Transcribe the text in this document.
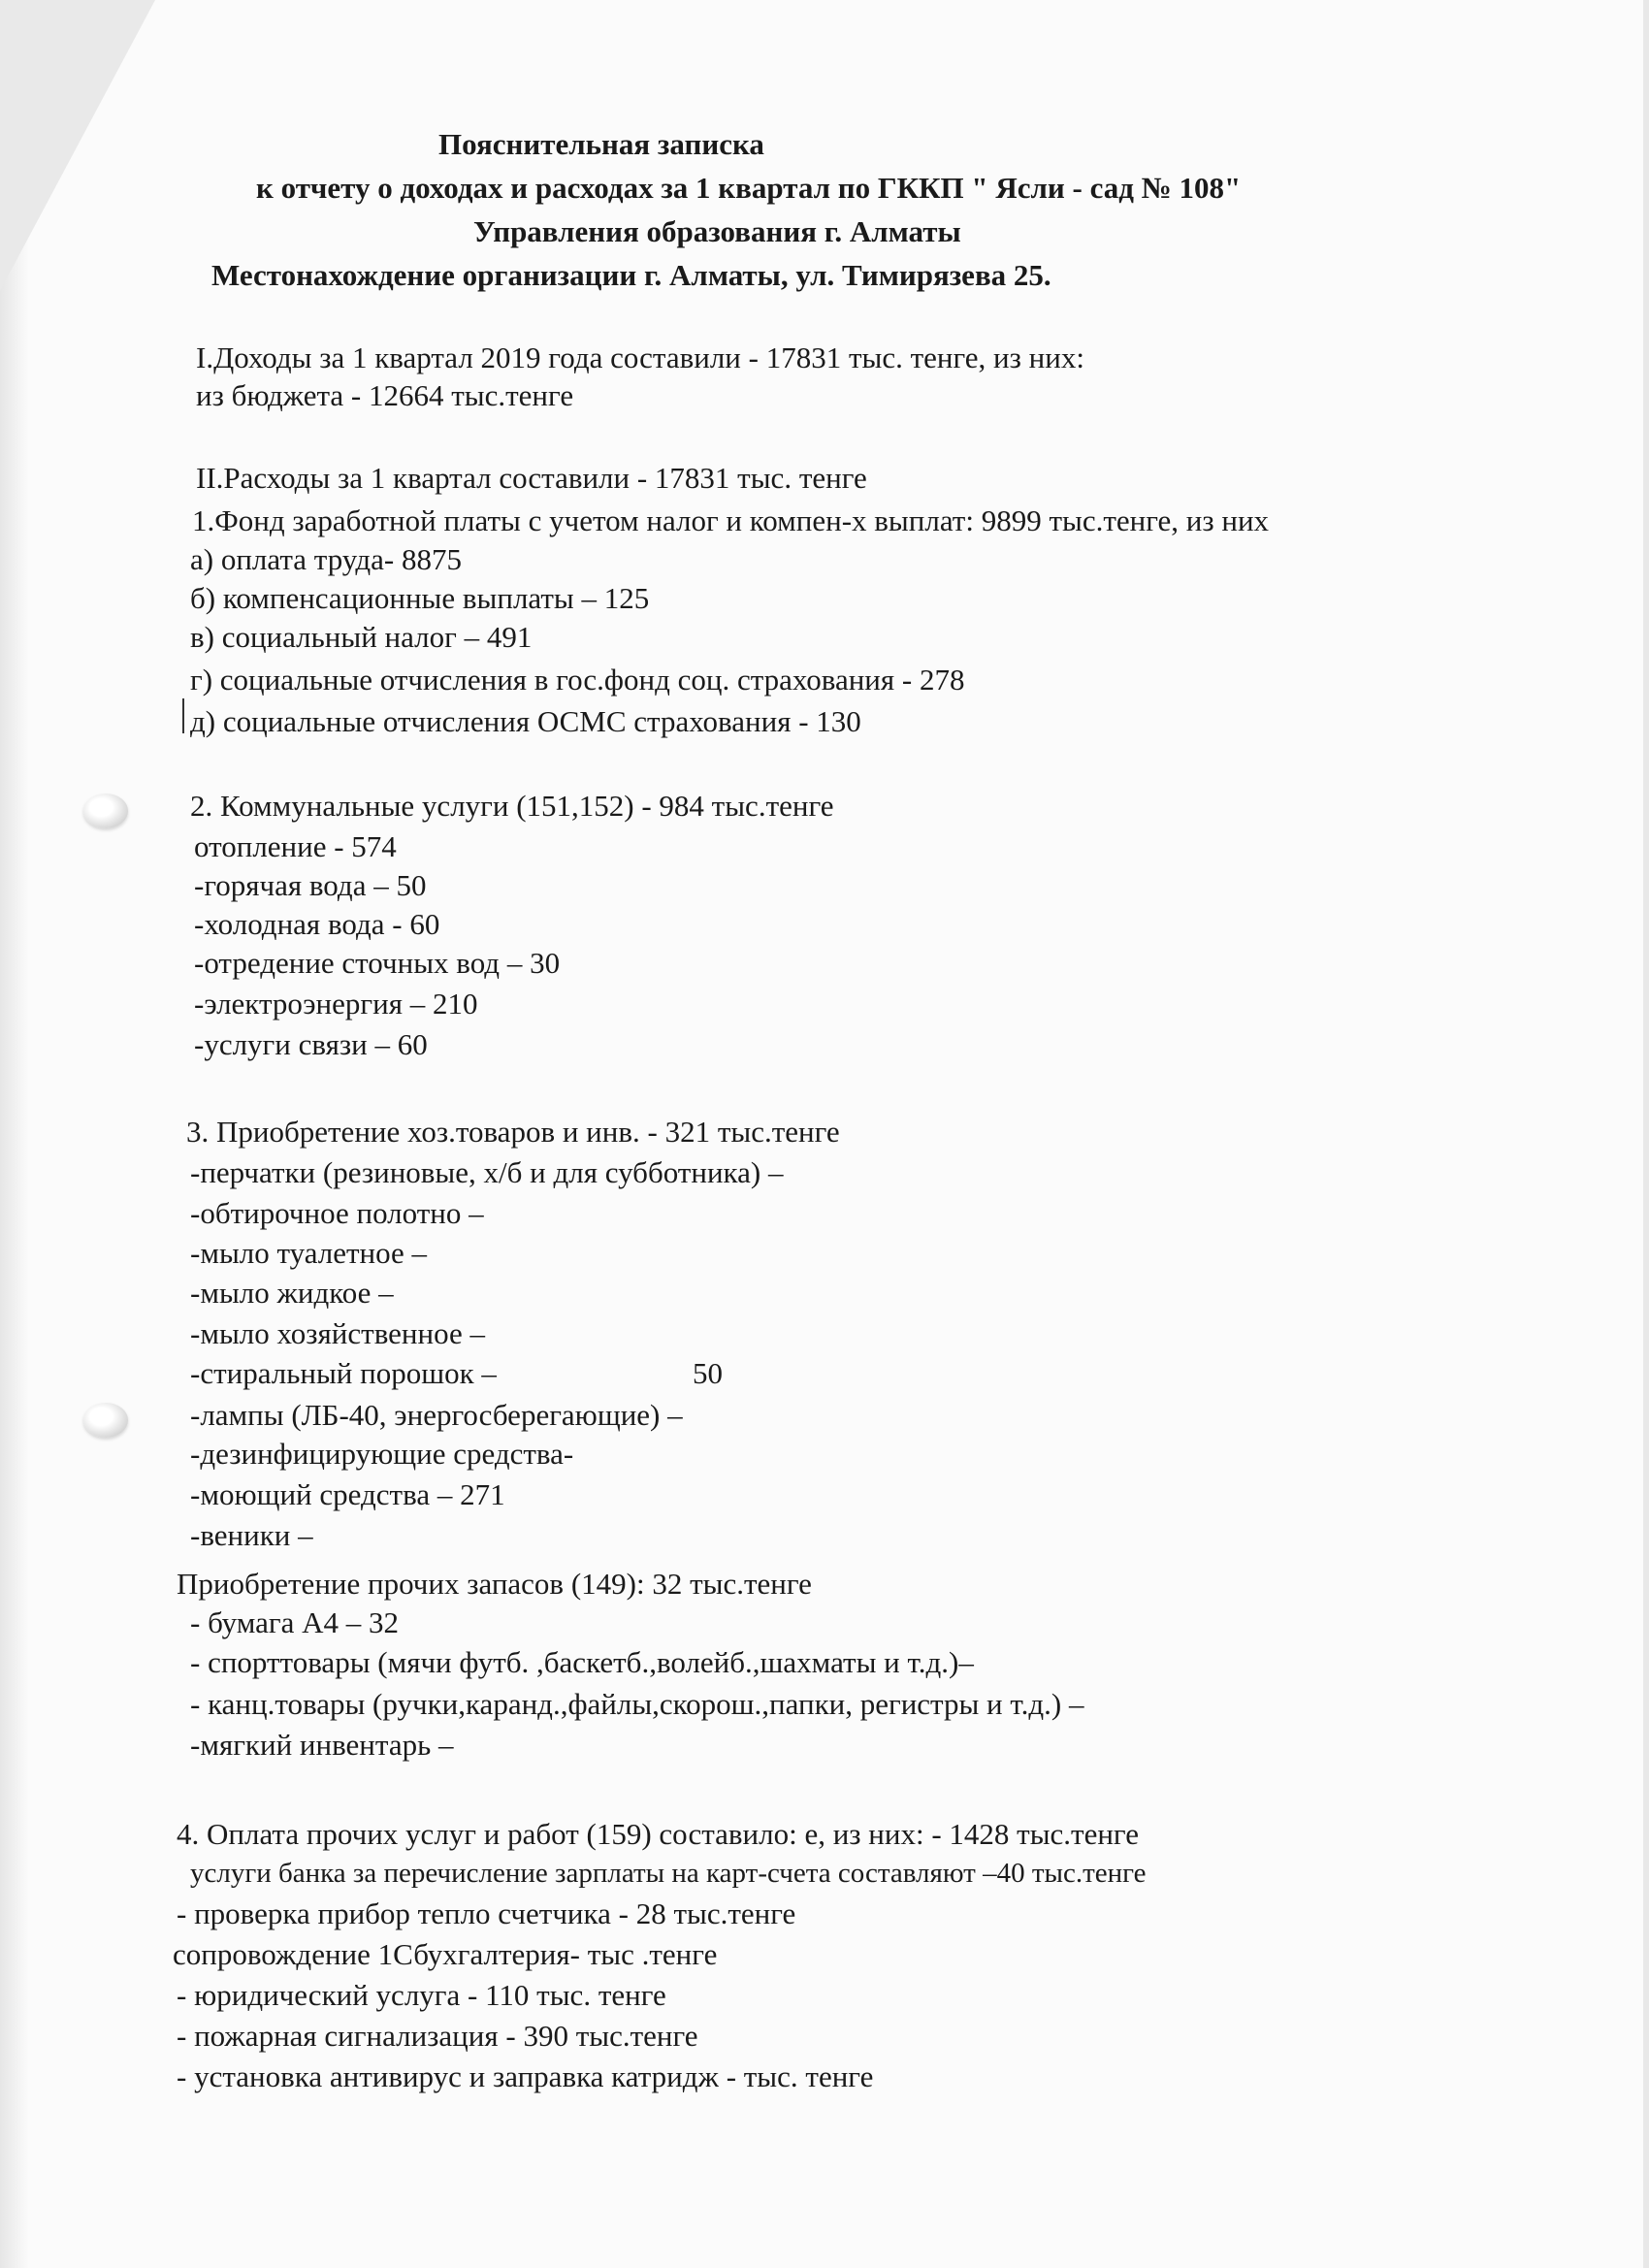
Пояснительная записка
к отчету о доходах и расходах за 1 квартал по ГККП " Ясли - сад № 108"
Управления образования г. Алматы
Местонахождение организации г. Алматы, ул. Тимирязева 25.
I.Доходы за 1 квартал 2019 года составили - 17831 тыс. тенге, из них:
из бюджета - 12664 тыс.тенге
II.Расходы за 1 квартал составили - 17831 тыс. тенге
1.Фонд заработной платы с учетом налог и компен-х выплат: 9899 тыс.тенге, из них
а) оплата труда- 8875
б) компенсационные выплаты – 125
в) социальный налог – 491
г) социальные отчисления в гос.фонд соц. страхования - 278
д) социальные отчисления ОСМС страхования - 130
2. Коммунальные услуги (151,152) - 984 тыс.тенге
отопление - 574
-горячая вода – 50
-холодная вода - 60
-отредение сточных вод – 30
-электроэнергия – 210
-услуги связи – 60
3. Приобретение хоз.товаров и инв. - 321 тыс.тенге
-перчатки (резиновые, х/б и для субботника) –
-обтирочное полотно –
-мыло туалетное –
-мыло жидкое –
-мыло хозяйственное –
-стиральный порошок –	50
-лампы (ЛБ-40, энергосберегающие) –
-дезинфицирующие средства-
-моющий средства – 271
-веники –
Приобретение прочих запасов (149): 32 тыс.тенге
- бумага А4 – 32
- спорттовары (мячи футб. ,баскетб.,волейб.,шахматы и т.д.)–
- канц.товары (ручки,каранд.,файлы,скорош.,папки, регистры и т.д.) –
-мягкий инвентарь –
4. Оплата прочих услуг и работ (159) составило: е, из них: - 1428 тыс.тенге
услуги банка за перечисление зарплаты на карт-счета составляют –40 тыс.тенге
- проверка прибор тепло счетчика - 28 тыс.тенге
сопровождение 1Сбухгалтерия- тыс .тенге
- юридический услуга - 110 тыс. тенге
- пожарная сигнализация - 390 тыс.тенге
- установка антивирус и заправка катридж - тыс. тенге
